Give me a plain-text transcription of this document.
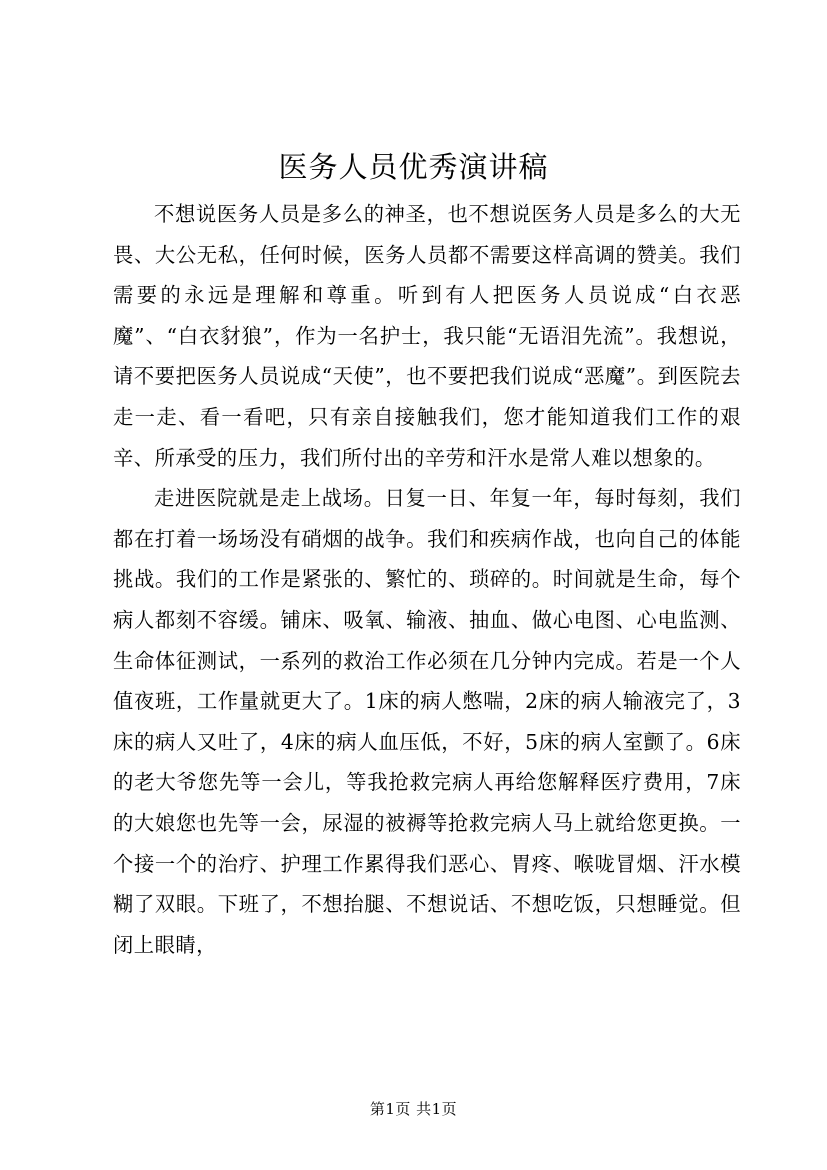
医务人员优秀演讲稿

不想说医务人员是多么的神圣，也不想说医务人员是多么的大无畏、大公无私，任何时候，医务人员都不需要这样高调的赞美。我们需要的永远是理解和尊重。听到有人把医务人员说成“白衣恶魔”、“白衣豺狼”，作为一名护士，我只能“无语泪先流”。我想说，请不要把医务人员说成“天使”，也不要把我们说成“恶魔”。到医院去走一走、看一看吧，只有亲自接触我们，您才能知道我们工作的艰辛、所承受的压力，我们所付出的辛劳和汗水是常人难以想象的。

走进医院就是走上战场。日复一日、年复一年，每时每刻，我们都在打着一场场没有硝烟的战争。我们和疾病作战，也向自己的体能挑战。我们的工作是紧张的、繁忙的、琐碎的。时间就是生命，每个病人都刻不容缓。铺床、吸氧、输液、抽血、做心电图、心电监测、生命体征测试，一系列的救治工作必须在几分钟内完成。若是一个人值夜班，工作量就更大了。1床的病人憋喘，2床的病人输液完了，3床的病人又吐了，4床的病人血压低，不好，5床的病人室颤了。6床的老大爷您先等一会儿，等我抢救完病人再给您解释医疗费用，7床的大娘您也先等一会，尿湿的被褥等抢救完病人马上就给您更换。一个接一个的治疗、护理工作累得我们恶心、胃疼、喉咙冒烟、汗水模糊了双眼。下班了，不想抬腿、不想说话、不想吃饭，只想睡觉。但闭上眼睛，

第1页 共1页
